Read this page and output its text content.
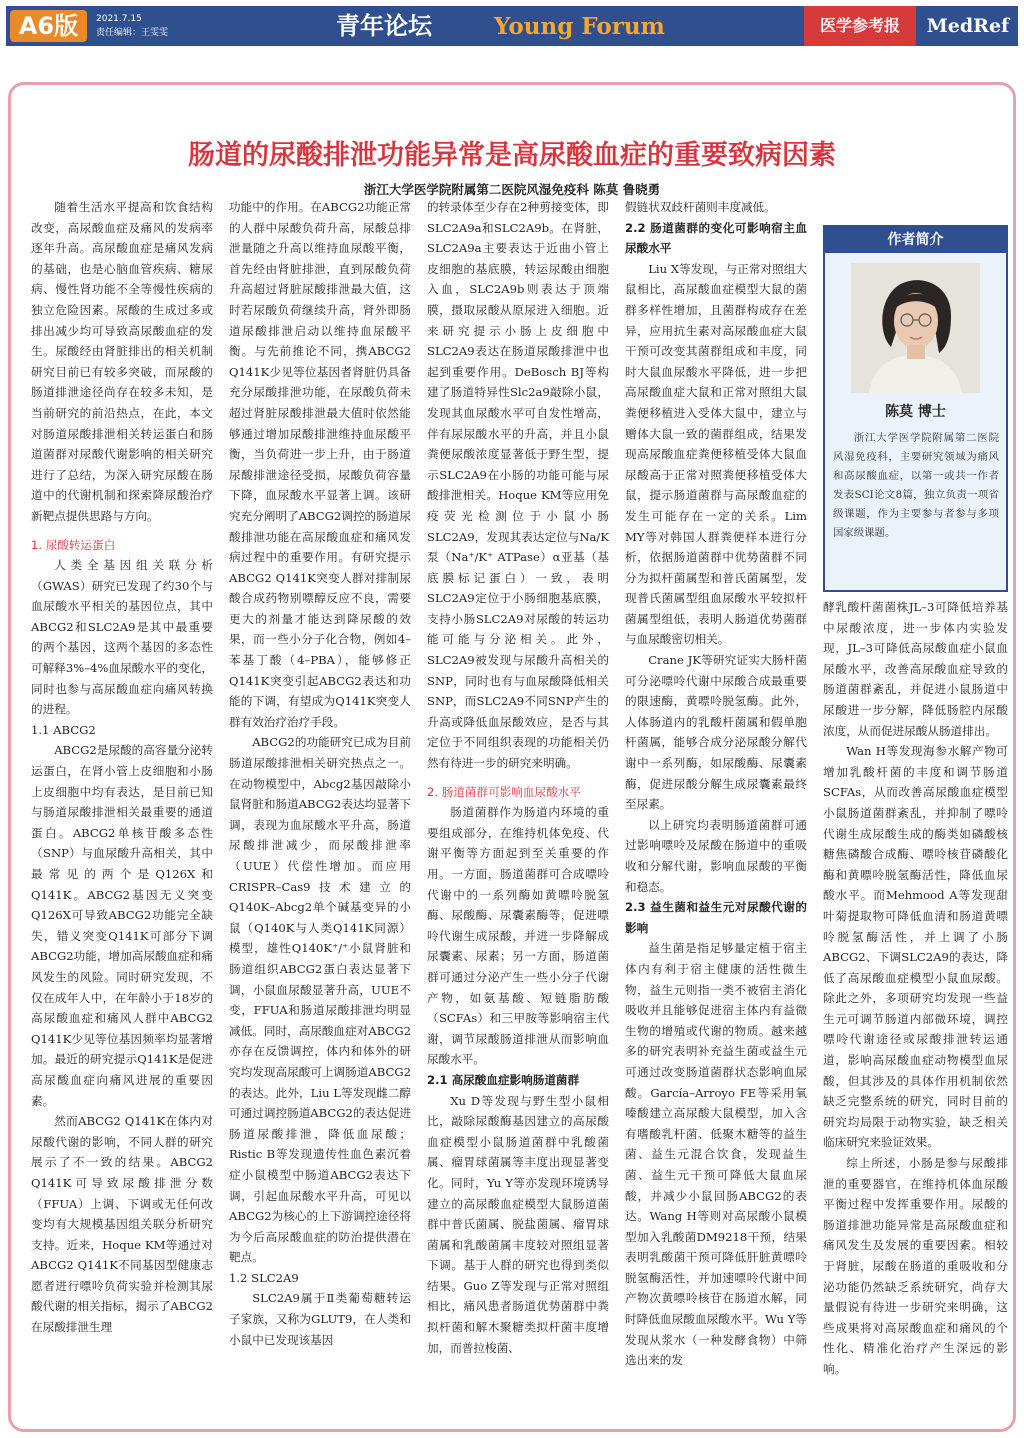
A6版	2021.7.15
责任编辑：王雯雯	青年论坛	Young Forum	医学参考报	MedRef
肠道的尿酸排泄功能异常是高尿酸血症的重要致病因素
浙江大学医学院附属第二医院风湿免疫科 陈莫 鲁晓勇

随着生活水平提高和饮食结构改变，高尿酸血症及痛风的发病率逐年升高。高尿酸血症是痛风发病的基础，也是心脑血管疾病、糖尿病、慢性肾功能不全等慢性疾病的独立危险因素。尿酸的生成过多或排出减少均可导致高尿酸血症的发生。尿酸经由肾脏排出的相关机制研究目前已有较多突破，而尿酸的肠道排泄途径尚存在较多未知，是当前研究的前沿热点，在此，本文对肠道尿酸排泄相关转运蛋白和肠道菌群对尿酸代谢影响的相关研究进行了总结，为深入研究尿酸在肠道中的代谢机制和探索降尿酸治疗新靶点提供思路与方向。

1. 尿酸转运蛋白

人类全基因组关联分析（GWAS）研究已发现了约30个与血尿酸水平相关的基因位点，其中ABCG2和SLC2A9是其中最重要的两个基因，这两个基因的多态性可解释3%–4%血尿酸水平的变化，同时也参与高尿酸血症向痛风转换的进程。

1.1 ABCG2

ABCG2是尿酸的高容量分泌转运蛋白，在肾小管上皮细胞和小肠上皮细胞中均有表达，是目前已知与肠道尿酸排泄相关最重要的通道蛋白。ABCG2单核苷酸多态性（SNP）与血尿酸升高相关，其中最常见的两个是Q126X和Q141K。ABCG2基因无义突变Q126X可导致ABCG2功能完全缺失，错义突变Q141K可部分下调ABCG2功能，增加高尿酸血症和痛风发生的风险。同时研究发现，不仅在成年人中，在年龄小于18岁的高尿酸血症和痛风人群中ABCG2 Q141K少见等位基因频率均显著增加。最近的研究提示Q141K是促进高尿酸血症向痛风进展的重要因素。

然而ABCG2 Q141K在体内对尿酸代谢的影响，不同人群的研究展示了不一致的结果。ABCG2 Q141K可导致尿酸排泄分数（FFUA）上调、下调或无任何改变均有大规模基因组关联分析研究支持。近来，Hoque KM等通过对ABCG2 Q141K不同基因型健康志愿者进行嘌呤负荷实验并检测其尿酸代谢的相关指标，揭示了ABCG2在尿酸排泄生理

功能中的作用。在ABCG2功能正常的人群中尿酸负荷升高，尿酸总排泄量随之升高以维持血尿酸平衡，首先经由肾脏排泄，直到尿酸负荷升高超过肾脏尿酸排泄最大值，这时若尿酸负荷继续升高，肾外即肠道尿酸排泄启动以维持血尿酸平衡。与先前推论不同，携ABCG2 Q141K少见等位基因者肾脏仍具备充分尿酸排泄功能，在尿酸负荷未超过肾脏尿酸排泄最大值时依然能够通过增加尿酸排泄维持血尿酸平衡，当负荷进一步上升，由于肠道尿酸排泄途径受损，尿酸负荷容量下降，血尿酸水平显著上调。该研究充分阐明了ABCG2调控的肠道尿酸排泄功能在高尿酸血症和痛风发病过程中的重要作用。有研究提示ABCG2 Q141K突变人群对排制尿酸合成药物别嘌醇反应不良，需要更大的剂量才能达到降尿酸的效果，而一些小分子化合物，例如4–苯基丁酸（4–PBA），能够修正Q141K突变引起ABCG2表达和功能的下调，有望成为Q141K突变人群有效治疗治疗手段。

ABCG2的功能研究已成为目前肠道尿酸排泄相关研究热点之一。在动物模型中，Abcg2基因敲除小鼠肾脏和肠道ABCG2表达均显著下调，表现为血尿酸水平升高，肠道尿酸排泄减少，而尿酸排泄率（UUE）代偿性增加。而应用CRISPR–Cas9技术建立的Q140K–Abcg2单个碱基变异的小鼠（Q140K与人类Q141K同源）模型，雄性Q140K⁺/⁺小鼠肾脏和肠道组织ABCG2蛋白表达显著下调，小鼠血尿酸显著升高，UUE不变，FFUA和肠道尿酸排泄均明显减低。同时，高尿酸血症对ABCG2亦存在反馈调控，体内和体外的研究均发现高尿酸可上调肠道ABCG2的表达。此外，Liu L等发现雌二醇可通过调控肠道ABCG2的表达促进肠道尿酸排泄，降低血尿酸；Ristic B等发现遗传性血色素沉着症小鼠模型中肠道ABCG2表达下调，引起血尿酸水平升高，可见以ABCG2为核心的上下游调控途径将为今后高尿酸血症的防治提供潜在靶点。

1.2 SLC2A9

SLC2A9属于Ⅱ类葡萄糖转运子家族，又称为GLUT9，在人类和小鼠中已发现该基因

的转录体至少存在2种剪接变体，即SLC2A9a和SLC2A9b。在肾脏，SLC2A9a主要表达于近曲小管上皮细胞的基底膜，转运尿酸由细胞入血，SLC2A9b则表达于顶端膜，摄取尿酸从原尿进入细胞。近来研究提示小肠上皮细胞中SLC2A9表达在肠道尿酸排泄中也起到重要作用。DeBosch BJ等构建了肠道特异性Slc2a9敲除小鼠，发现其血尿酸水平可自发性增高，伴有尿尿酸水平的升高，并且小鼠粪便尿酸浓度显著低于野生型，提示SLC2A9在小肠的功能可能与尿酸排泄相关。Hoque KM等应用免疫荧光检测位于小鼠小肠SLC2A9，发现其表达定位与Na/K泵（Na⁺/K⁺ ATPase）α亚基（基底膜标记蛋白）一致，表明SLC2A9定位于小肠细胞基底膜，支持小肠SLC2A9对尿酸的转运功能可能与分泌相关。此外，SLC2A9被发现与尿酸升高相关的SNP，同时也有与血尿酸降低相关SNP，而SLC2A9不同SNP产生的升高或降低血尿酸效应，是否与其定位于不同组织表现的功能相关仍然有待进一步的研究来明确。

2. 肠道菌群可影响血尿酸水平

肠道菌群作为肠道内环境的重要组成部分，在维持机体免疫、代谢平衡等方面起到至关重要的作用。一方面，肠道菌群可合成嘌呤代谢中的一系列酶如黄嘌呤脱氢酶、尿酸酶、尿囊素酶等，促进嘌呤代谢生成尿酸，并进一步降解成尿囊素、尿素；另一方面，肠道菌群可通过分泌产生一些小分子代谢产物，如氨基酸、短链脂肪酸（SCFAs）和三甲胺等影响宿主代谢，调节尿酸肠道排泄从而影响血尿酸水平。

2.1 高尿酸血症影响肠道菌群

Xu D等发现与野生型小鼠相比，敲除尿酸酶基因建立的高尿酸血症模型小鼠肠道菌群中乳酸菌属、瘤胃球菌属等丰度出现显著变化。同时，Yu Y等亦发现环境诱导建立的高尿酸血症模型大鼠肠道菌群中普氏菌属、脱盐菌属、瘤胃球菌属和乳酸菌属丰度较对照组显著下调。基于人群的研究也得到类似结果。Guo Z等发现与正常对照组相比，痛风患者肠道优势菌群中粪拟杆菌和解木聚糖类拟杆菌丰度增加，而普拉梭菌、

假链状双歧杆菌则丰度减低。

2.2 肠道菌群的变化可影响宿主血尿酸水平

Liu X等发现，与正常对照组大鼠相比，高尿酸血症模型大鼠的菌群多样性增加，且菌群构成存在差异，应用抗生素对高尿酸血症大鼠干预可改变其菌群组成和丰度，同时大鼠血尿酸水平降低，进一步把高尿酸血症大鼠和正常对照组大鼠粪便移植进入受体大鼠中，建立与赠体大鼠一致的菌群组成，结果发现高尿酸血症粪便移植受体大鼠血尿酸高于正常对照粪便移植受体大鼠，提示肠道菌群与高尿酸血症的发生可能存在一定的关系。Lim MY等对韩国人群粪便样本进行分析，依据肠道菌群中优势菌群不同分为拟杆菌属型和普氏菌属型，发现普氏菌属型组血尿酸水平较拟杆菌属型组低，表明人肠道优势菌群与血尿酸密切相关。

Crane JK等研究证实大肠杆菌可分泌嘌呤代谢中尿酸合成最重要的限速酶，黄嘌呤脱氢酶。此外，人体肠道内的乳酸杆菌属和假单胞杆菌属，能够合成分泌尿酸分解代谢中一系列酶，如尿酸酶、尿囊素酶，促进尿酸分解生成尿囊素最终至尿素。

以上研究均表明肠道菌群可通过影响嘌呤及尿酸在肠道中的重吸收和分解代谢，影响血尿酸的平衡和稳态。

2.3 益生菌和益生元对尿酸代谢的影响

益生菌是指足够量定植于宿主体内有利于宿主健康的活性微生物，益生元则指一类不被宿主消化吸收并且能够促进宿主体内有益微生物的增殖或代谢的物质。越来越多的研究表明补充益生菌或益生元可通过改变肠道菌群状态影响血尿酸。García–Arroyo FE等采用氧嗪酸建立高尿酸大鼠模型，加入含有嗜酸乳杆菌、低聚木糖等的益生菌、益生元混合饮食，发现益生菌、益生元干预可降低大鼠血尿酸，并减少小鼠回肠ABCG2的表达。Wang H等则对高尿酸小鼠模型加入乳酸菌DM9218干预，结果表明乳酸菌干预可降低肝脏黄嘌呤脱氢酶活性，并加速嘌呤代谢中间产物次黄嘌呤核苷在肠道水解，同时降低血尿酸血尿酸水平。Wu Y等发现从浆水（一种发酵食物）中筛选出来的发

作者简介
陈莫 博士
浙江大学医学院附属第二医院风湿免疫科，主要研究领域为痛风和高尿酸血症，以第一或共一作者发表SCI论文8篇，独立负责一项省级课题，作为主要参与者参与多项国家级课题。

酵乳酸杆菌菌株JL–3可降低培养基中尿酸浓度，进一步体内实验发现，JL–3可降低高尿酸血症小鼠血尿酸水平，改善高尿酸血症导致的肠道菌群紊乱，并促进小鼠肠道中尿酸进一步分解，降低肠腔内尿酸浓度，从而促进尿酸从肠道排出。

Wan H等发现海参水解产物可增加乳酸杆菌的丰度和调节肠道SCFAs，从而改善高尿酸血症模型小鼠肠道菌群紊乱，并抑制了嘌呤代谢生成尿酸生成的酶类如磷酸核糖焦磷酸合成酶、嘌呤核苷磷酸化酶和黄嘌呤脱氢酶活性，降低血尿酸水平。而Mehmood A等发现甜叶菊提取物可降低血清和肠道黄嘌呤脱氢酶活性，并上调了小肠ABCG2、下调SLC2A9的表达，降低了高尿酸血症模型小鼠血尿酸。除此之外，多项研究均发现一些益生元可调节肠道内部微环境，调控嘌呤代谢途径或尿酸排泄转运通道，影响高尿酸血症动物模型血尿酸，但其涉及的具体作用机制依然缺乏完整系统的研究，同时目前的研究均局限于动物实验，缺乏相关临床研究来验证效果。

综上所述，小肠是参与尿酸排泄的重要器官，在维持机体血尿酸平衡过程中发挥重要作用。尿酸的肠道排泄功能异常是高尿酸血症和痛风发生及发展的重要因素。相较于肾脏，尿酸在肠道的重吸收和分泌功能仍然缺乏系统研究，尚存大量假说有待进一步研究来明确，这些成果将对高尿酸血症和痛风的个性化、精准化治疗产生深远的影响。
